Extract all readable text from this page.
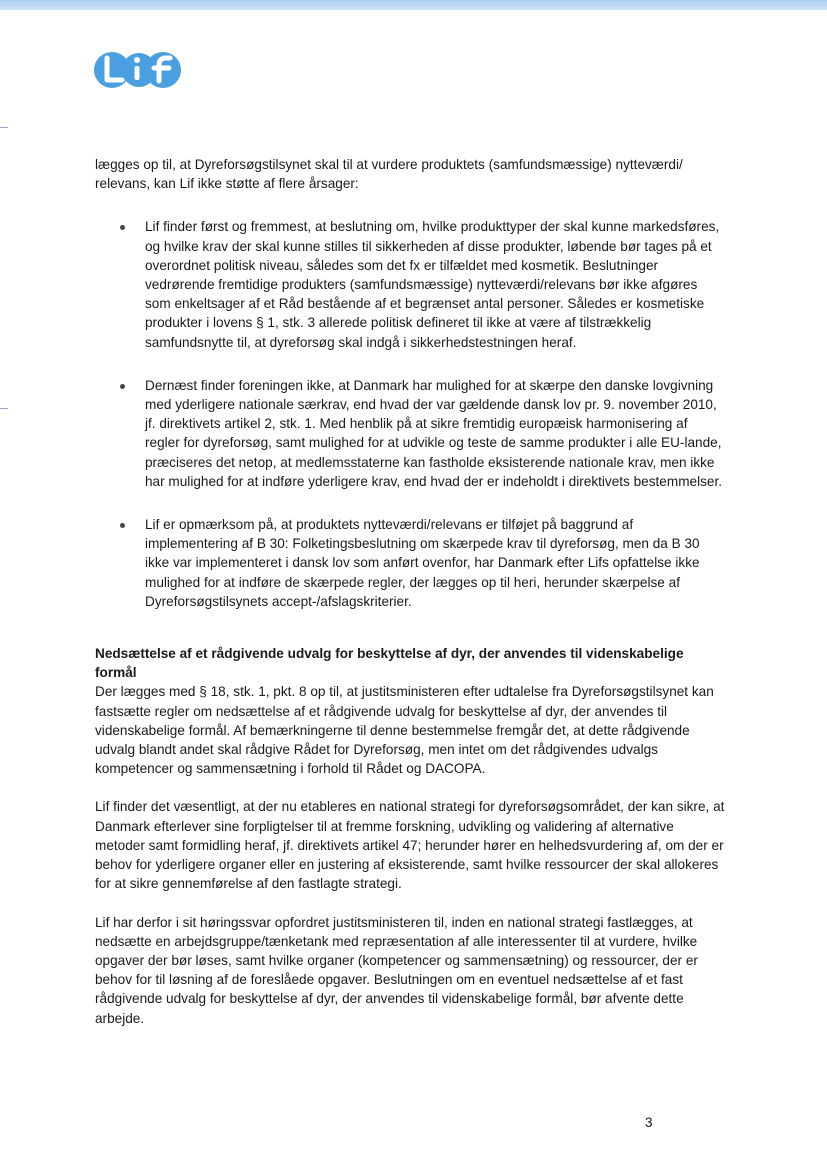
lægges op til, at Dyreforsøgstilsynet skal til at vurdere produktets (samfundsmæssige) nytteværdi/ relevans, kan Lif ikke støtte af flere årsager:

Lif finder først og fremmest, at beslutning om, hvilke produkttyper der skal kunne markedsføres, og hvilke krav der skal kunne stilles til sikkerheden af disse produkter, løbende bør tages på et overordnet politisk niveau, således som det fx er tilfældet med kosmetik. Beslutninger vedrørende fremtidige produkters (samfundsmæssige) nytteværdi/relevans bør ikke afgøres som enkeltsager af et Råd bestående af et begrænset antal personer. Således er kosmetiske produkter i lovens § 1, stk. 3 allerede politisk defineret til ikke at være af tilstrækkelig samfundsnytte til, at dyreforsøg skal indgå i sikkerhedstestningen heraf.
Dernæst finder foreningen ikke, at Danmark har mulighed for at skærpe den danske lovgivning med yderligere nationale særkrav, end hvad der var gældende dansk lov pr. 9. november 2010, jf. direktivets artikel 2, stk. 1. Med henblik på at sikre fremtidig europæisk harmonisering af regler for dyreforsøg, samt mulighed for at udvikle og teste de samme produkter i alle EU-lande, præciseres det netop, at medlemsstaterne kan fastholde eksisterende nationale krav, men ikke har mulighed for at indføre yderligere krav, end hvad der er indeholdt i direktivets bestemmelser.
Lif er opmærksom på, at produktets nytteværdi/relevans er tilføjet på baggrund af implementering af B 30: Folketingsbeslutning om skærpede krav til dyreforsøg, men da B 30 ikke var implementeret i dansk lov som anført ovenfor, har Danmark efter Lifs opfattelse ikke mulighed for at indføre de skærpede regler, der lægges op til heri, herunder skærpelse af Dyreforsøgstilsynets accept-/afslagskriterier.

Nedsættelse af et rådgivende udvalg for beskyttelse af dyr, der anvendes til videnskabelige formål

Der lægges med § 18, stk. 1, pkt. 8 op til, at justitsministeren efter udtalelse fra Dyreforsøgstilsynet kan fastsætte regler om nedsættelse af et rådgivende udvalg for beskyttelse af dyr, der anvendes til videnskabelige formål. Af bemærkningerne til denne bestemmelse fremgår det, at dette rådgivende udvalg blandt andet skal rådgive Rådet for Dyreforsøg, men intet om det rådgivendes udvalgs kompetencer og sammensætning i forhold til Rådet og DACOPA.

Lif finder det væsentligt, at der nu etableres en national strategi for dyreforsøgsområdet, der kan sikre, at Danmark efterlever sine forpligtelser til at fremme forskning, udvikling og validering af alternative metoder samt formidling heraf, jf. direktivets artikel 47; herunder hører en helhedsvurdering af, om der er behov for yderligere organer eller en justering af eksisterende, samt hvilke ressourcer der skal allokeres for at sikre gennemførelse af den fastlagte strategi.

Lif har derfor i sit høringssvar opfordret justitsministeren til, inden en national strategi fastlægges, at nedsætte en arbejdsgruppe/tænketank med repræsentation af alle interessenter til at vurdere, hvilke opgaver der bør løses, samt hvilke organer (kompetencer og sammensætning) og ressourcer, der er behov for til løsning af de foreslåede opgaver. Beslutningen om en eventuel nedsættelse af et fast rådgivende udvalg for beskyttelse af dyr, der anvendes til videnskabelige formål, bør afvente dette arbejde.

3
